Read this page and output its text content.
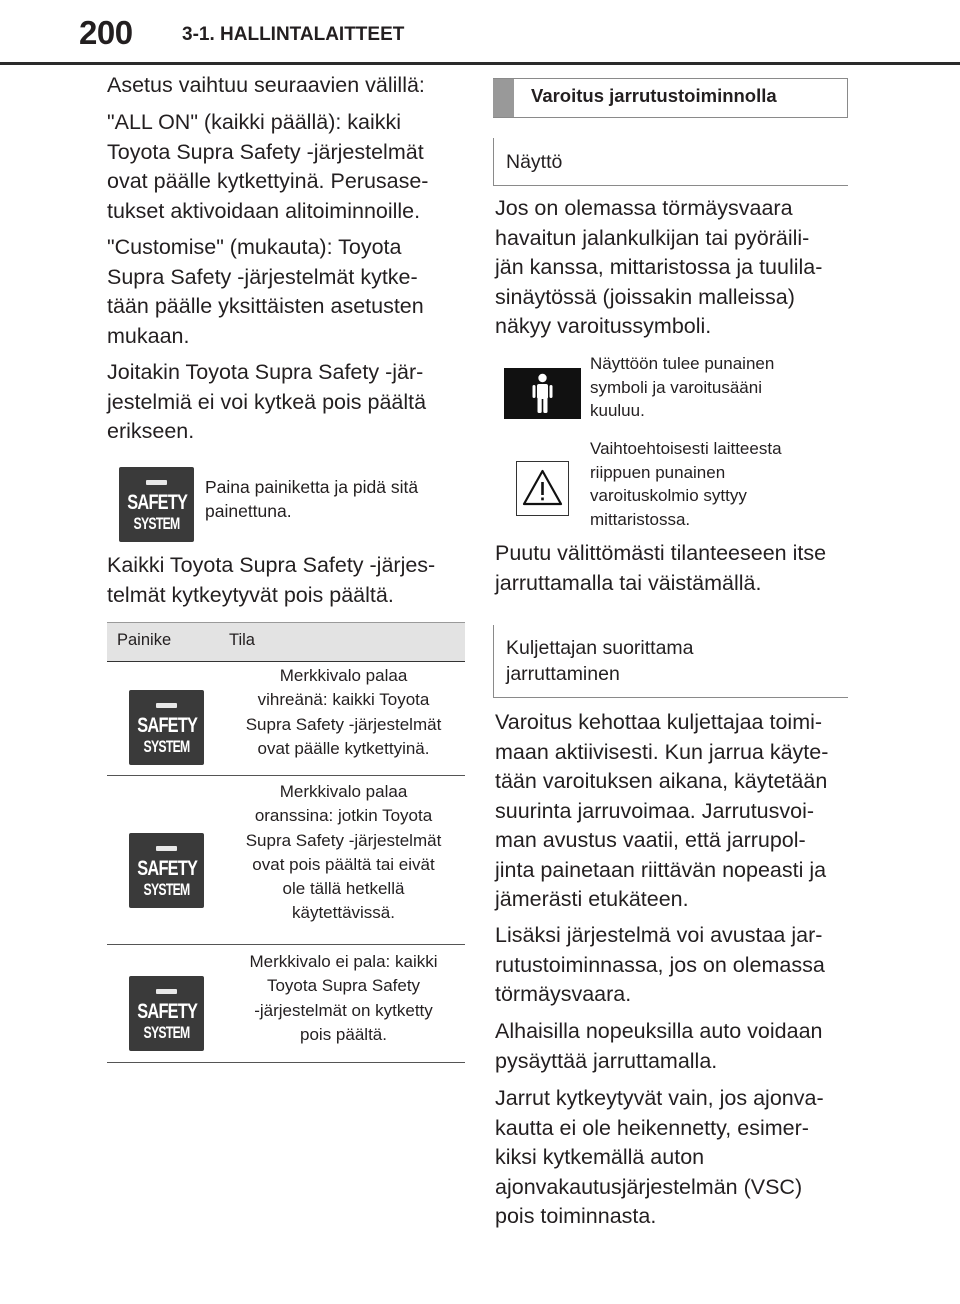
200	3-1. HALLINTALAITTEET
Asetus vaihtuu seuraavien välillä:
"ALL ON" (kaikki päällä): kaikki
Toyota Supra Safety -järjestelmät
ovat päälle kytkettyinä. Perusase-
tukset aktivoidaan alitoiminnoille.
"Customise" (mukauta): Toyota
Supra Safety -järjestelmät kytke-
tään päälle yksittäisten asetusten
mukaan.
Joitakin Toyota Supra Safety -jär-
jestelmiä ei voi kytkeä pois päältä
erikseen.
SAFETY
SYSTEM
Paina painiketta ja pidä sitä
painettuna.
Kaikki Toyota Supra Safety -järjes-
telmät kytkeytyvät pois päältä.
Painike	Tila
SAFETY
SYSTEM
Merkkivalo palaa
vihreänä: kaikki Toyota
Supra Safety -järjestelmät
ovat päälle kytkettyinä.
SAFETY
SYSTEM
Merkkivalo palaa
oranssina: jotkin Toyota
Supra Safety -järjestelmät
ovat pois päältä tai eivät
ole tällä hetkellä
käytettävissä.
SAFETY
SYSTEM
Merkkivalo ei pala: kaikki
Toyota Supra Safety
-järjestelmät on kytketty
pois päältä.
Varoitus jarrutustoiminnolla
Näyttö
Jos on olemassa törmäysvaara
havaitun jalankulkijan tai pyöräili-
jän kanssa, mittaristossa ja tuulila-
sinäytössä (joissakin malleissa)
näkyy varoitussymboli.
Näyttöön tulee punainen
symboli ja varoitusääni
kuuluu.
Vaihtoehtoisesti laitteesta
riippuen punainen
varoituskolmio syttyy
mittaristossa.
Puutu välittömästi tilanteeseen itse
jarruttamalla tai väistämällä.
Kuljettajan suorittama
jarruttaminen
Varoitus kehottaa kuljettajaa toimi-
maan aktiivisesti. Kun jarrua käyte-
tään varoituksen aikana, käytetään
suurinta jarruvoimaa. Jarrutusvoi-
man avustus vaatii, että jarrupol-
jinta painetaan riittävän nopeasti ja
jämerästi etukäteen.
Lisäksi järjestelmä voi avustaa jar-
rutustoiminnassa, jos on olemassa
törmäysvaara.
Alhaisilla nopeuksilla auto voidaan
pysäyttää jarruttamalla.
Jarrut kytkeytyvät vain, jos ajonva-
kautta ei ole heikennetty, esimer-
kiksi kytkemällä auton
ajonvakautusjärjestelmän (VSC)
pois toiminnasta.
